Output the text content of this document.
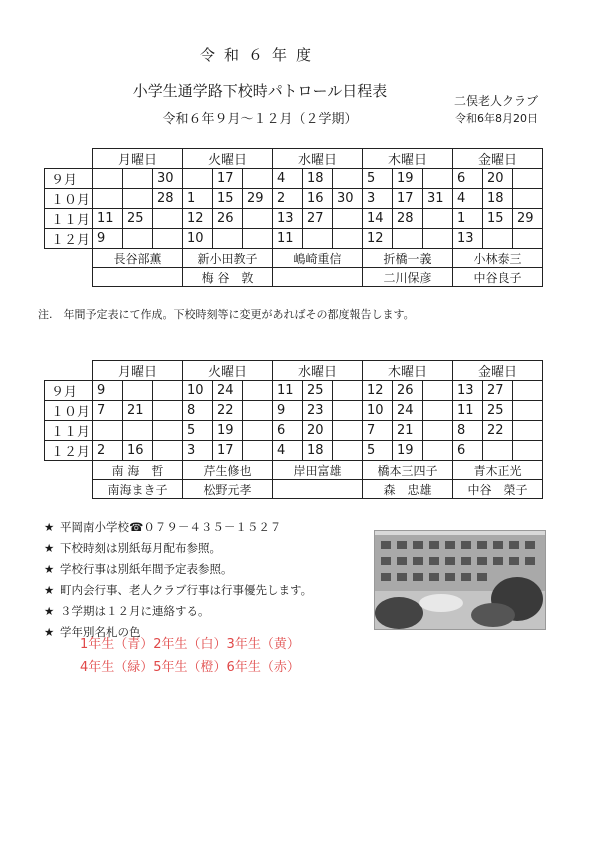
令和６年度
小学生通学路下校時パトロール日程表
令和６年９月～１２月（２学期）
二俣老人クラブ
令和6年8月20日
	月曜日			火曜日			水曜日			木曜日			金曜日		
９月			30		17		4	18		5	19		6	20	
１０月			28	1	15	29	2	16	30	3	17	31	4	18	
１１月	11	25		12	26		13	27		14	28		1	15	29
１２月	9			10			11			12			13		
	長谷部薫			新小田教子			嶋崎重信			折橋一義			小林泰三		
				梅 谷　敦						二川保彦			中谷良子		
注.　年間予定表にて作成。下校時刻等に変更があればその都度報告します。
	月曜日			火曜日			水曜日			木曜日			金曜日		
９月	9			10	24		11	25		12	26		13	27	
１０月	7	21		8	22		9	23		10	24		11	25	
１１月				5	19		6	20		7	21		8	22	
１２月	2	16		3	17		4	18		5	19		6		
	南 海　哲			芹生修也			岸田富雄			橋本三四子			青木正光		
	南海まき子			松野元孝						森　忠雄			中谷　榮子		
★ 平岡南小学校☎０７９－４３５－１５２７
★ 下校時刻は別紙毎月配布参照。
★ 学校行事は別紙年間予定表参照。
★ 町内会行事、老人クラブ行事は行事優先します。
★ ３学期は１２月に連絡する。
★ 学年別名札の色
1年生（青）2年生（白）3年生（黄）
4年生（緑）5年生（橙）6年生（赤）
